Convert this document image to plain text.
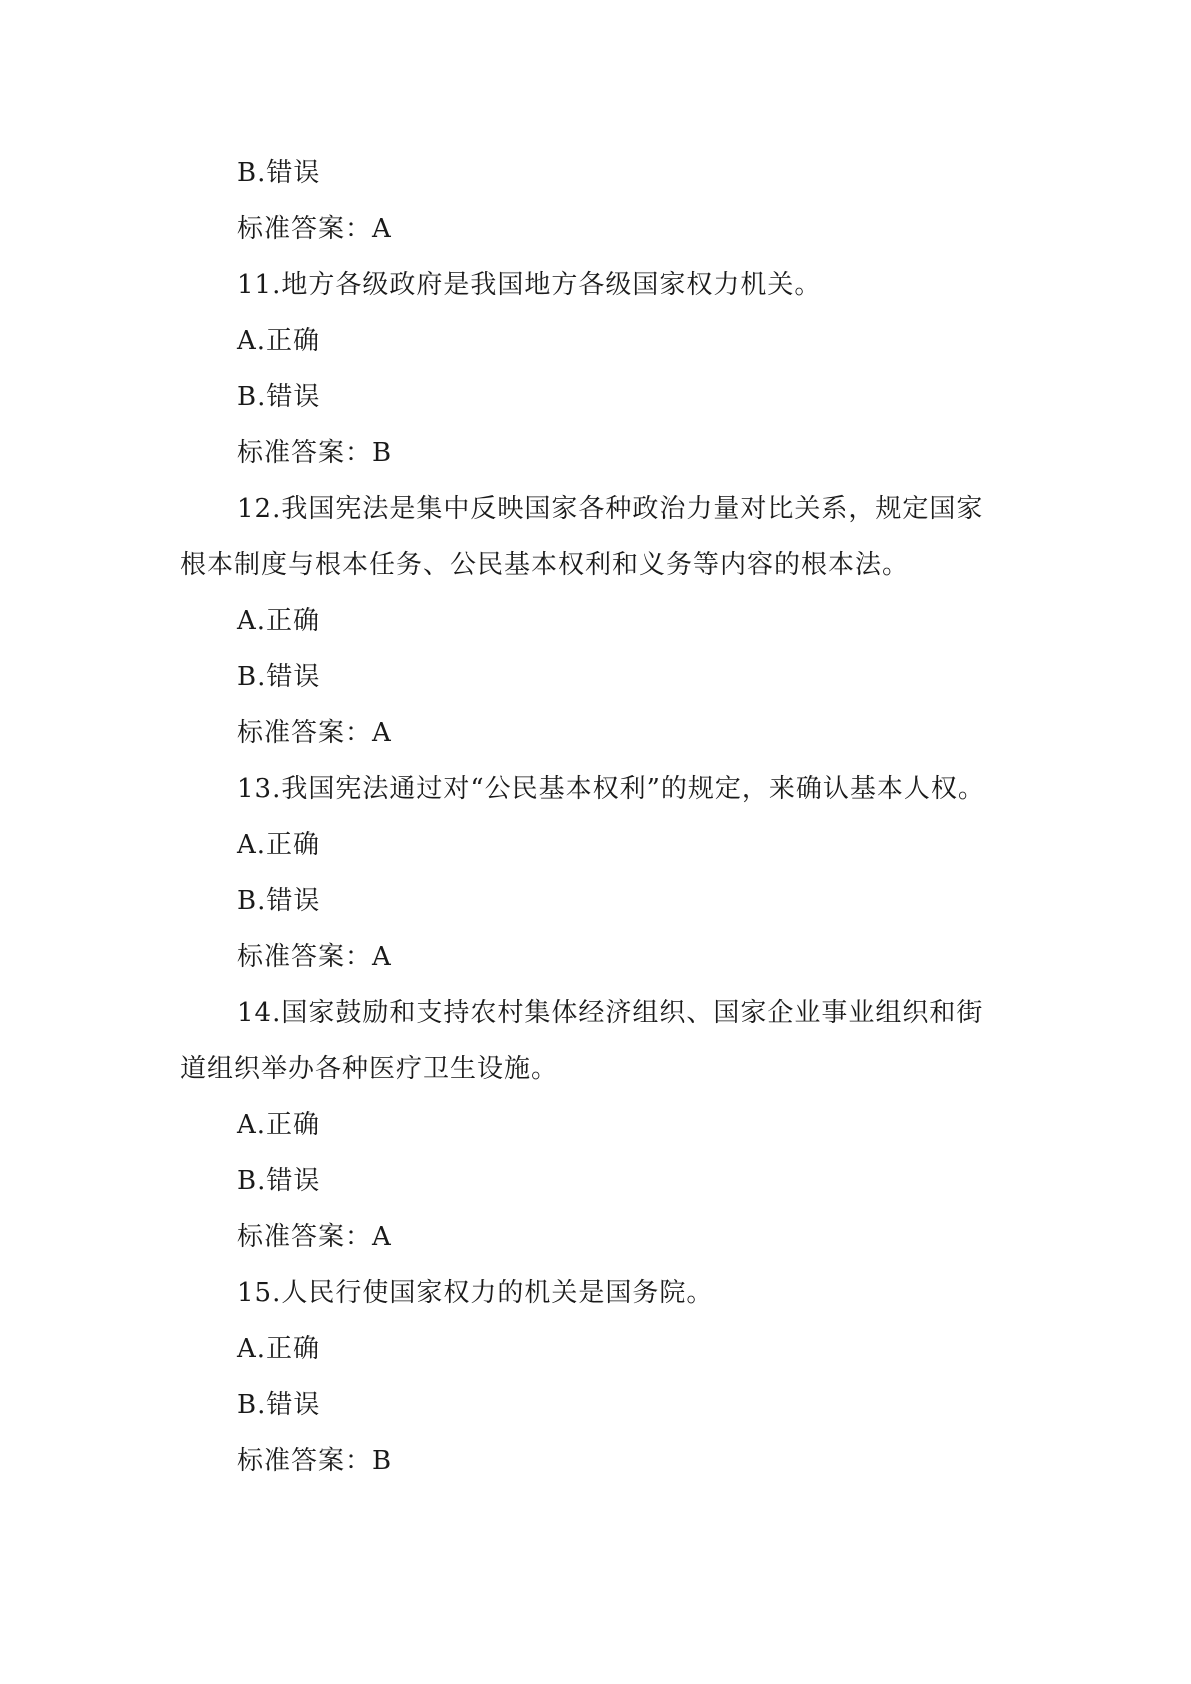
B.错误
标准答案：A
11.地方各级政府是我国地方各级国家权力机关。
A.正确
B.错误
标准答案：B
12.我国宪法是集中反映国家各种政治力量对比关系，规定国家
根本制度与根本任务、公民基本权利和义务等内容的根本法。
A.正确
B.错误
标准答案：A
13.我国宪法通过对“公民基本权利”的规定，来确认基本人权。
A.正确
B.错误
标准答案：A
14.国家鼓励和支持农村集体经济组织、国家企业事业组织和街
道组织举办各种医疗卫生设施。
A.正确
B.错误
标准答案：A
15.人民行使国家权力的机关是国务院。
A.正确
B.错误
标准答案：B
